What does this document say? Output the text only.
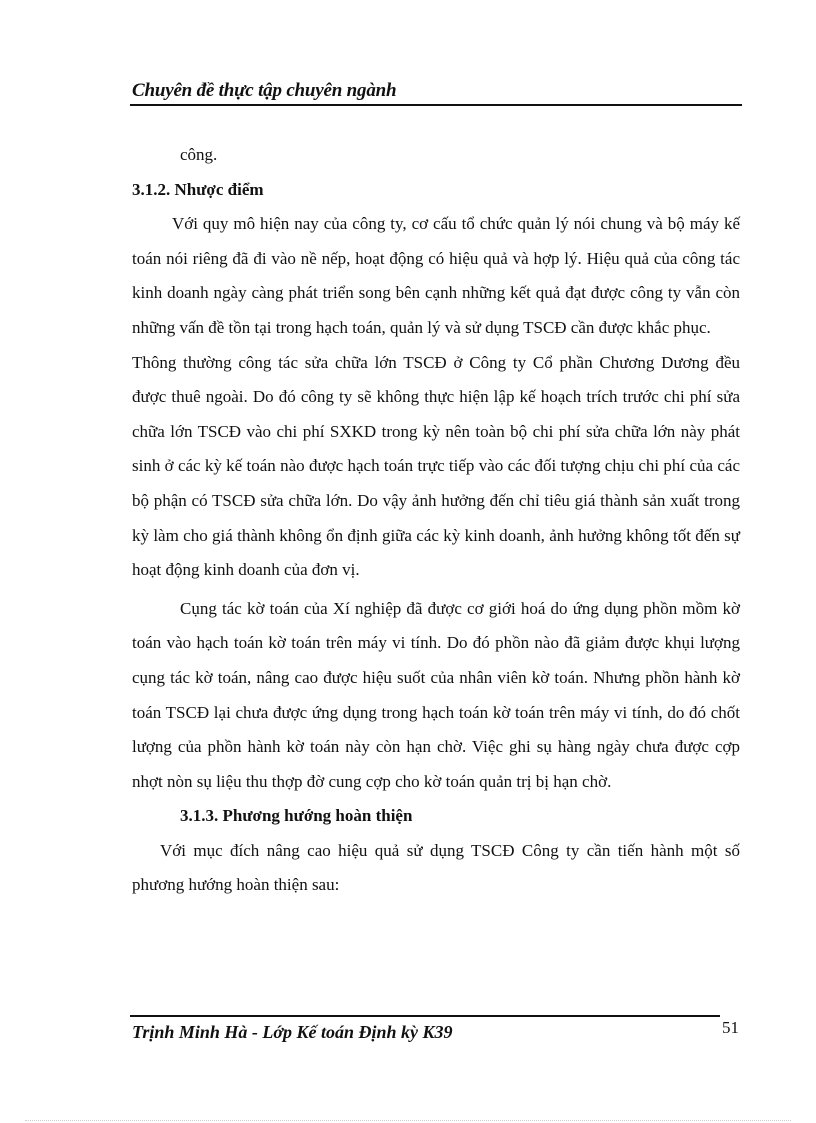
Chuyên đề thực tập chuyên ngành

công.

3.1.2. Nhược điểm

Với quy mô hiện nay của công ty, cơ cấu tổ chức quản lý nói chung và bộ máy kế toán nói riêng đã đi vào nề nếp, hoạt động có hiệu quả và hợp lý. Hiệu quả của công tác kinh doanh ngày càng phát triển song bên cạnh những kết quả đạt được công ty vẫn còn những vấn đề tồn tại trong hạch toán, quản lý và sử dụng TSCĐ cần được khắc phục.

Thông thường công tác sửa chữa lớn TSCĐ ở Công ty Cổ phần Chương Dương đều được thuê ngoài. Do đó công ty sẽ không thực hiện lập kế hoạch trích trước chi phí sửa chữa lớn TSCĐ vào chi phí SXKD trong kỳ nên toàn bộ chi phí sửa chữa lớn này phát sinh ở các kỳ kế toán nào được hạch toán trực tiếp vào các đối tượng chịu chi phí của các bộ phận có TSCĐ sửa chữa lớn. Do vậy ảnh hưởng đến chỉ tiêu giá thành sản xuất trong kỳ làm cho giá thành không ổn định giữa các kỳ kinh doanh, ảnh hưởng không tốt đến sự hoạt động kinh doanh của đơn vị.

Cụng tác kờ toán của Xí nghiệp đã được cơ giới hoá do ứng dụng phồn mồm kờ toán vào hạch toán kờ toán trên máy vi tính. Do đó phồn nào đã giảm được khụi lượng cụng tác kờ toán, nâng cao được hiệu suốt của nhân viên kờ toán. Nhưng phồn hành kờ toán TSCĐ lại chưa được ứng dụng trong hạch toán kờ toán trên máy vi tính, do đó chốt lượng của phồn hành kờ toán này còn hạn chờ. Việc ghi sụ hàng ngày chưa được cợp nhợt nòn sụ liệu thu thợp đờ cung cợp cho kờ toán quản trị bị hạn chờ.

3.1.3. Phương hướng hoàn thiện

Với mục đích nâng cao hiệu quả sử dụng TSCĐ Công ty cần tiến hành một số phương hướng hoàn thiện sau:

Trịnh Minh Hà - Lớp Kế toán Định kỳ K39	51
